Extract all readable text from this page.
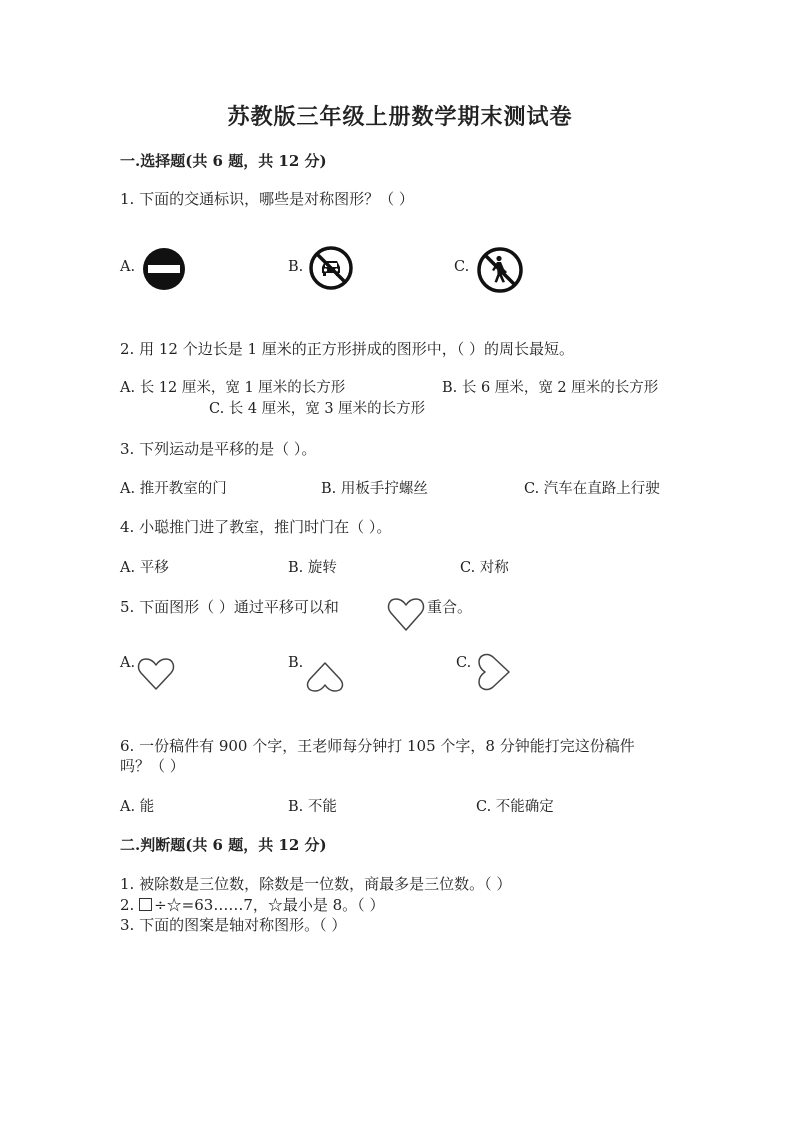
苏教版三年级上册数学期末测试卷
一.选择题(共 6 题，共 12 分)
1. 下面的交通标识，哪些是对称图形？（ ）
A.	B.	C.
2. 用 12 个边长是 1 厘米的正方形拼成的图形中，（ ）的周长最短。
A. 长 12 厘米，宽 1 厘米的长方形	B. 长 6 厘米，宽 2 厘米的长方形
C. 长 4 厘米，宽 3 厘米的长方形
3. 下列运动是平移的是（ ）。
A. 推开教室的门	B. 用板手拧螺丝	C. 汽车在直路上行驶
4. 小聪推门进了教室，推门时门在（ ）。
A. 平移	B. 旋转	C. 对称
5. 下面图形（ ）通过平移可以和	重合。
A.	B.	C.
6. 一份稿件有 900 个字，王老师每分钟打 105 个字，8 分钟能打完这份稿件
吗？（ ）
A. 能	B. 不能	C. 不能确定
二.判断题(共 6 题，共 12 分)
1. 被除数是三位数，除数是一位数，商最多是三位数。（ ）
2. ÷☆=63……7，☆最小是 8。（ ）
3. 下面的图案是轴对称图形。（ ）
